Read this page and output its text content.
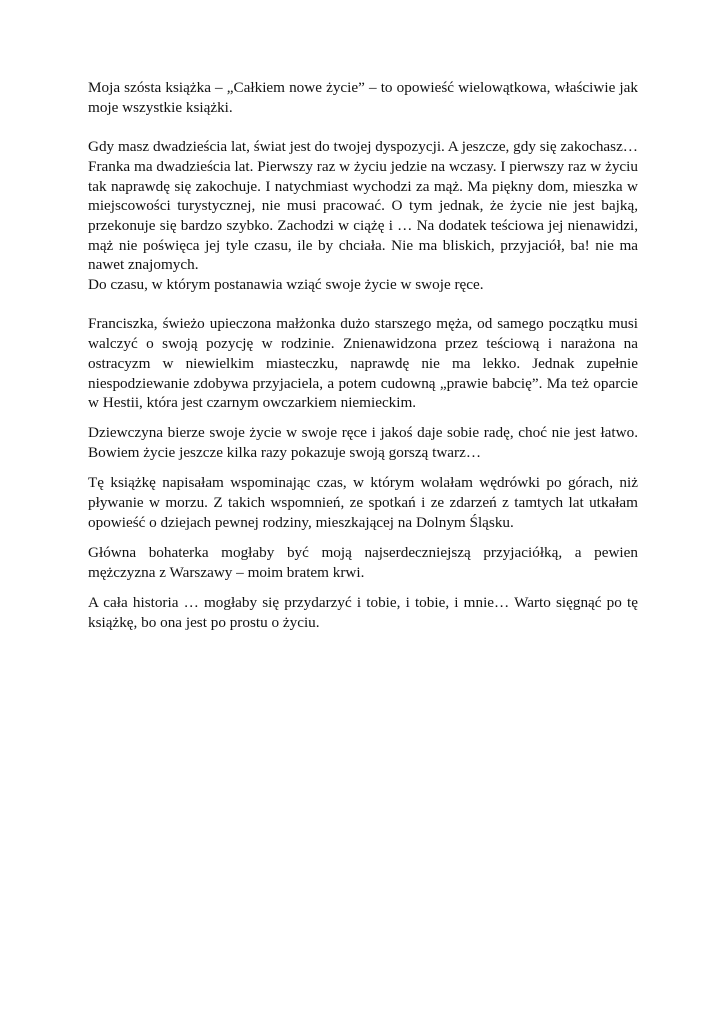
Moja szósta książka – „Całkiem nowe życie” – to opowieść wielowątkowa, właściwie jak moje wszystkie książki.

Gdy masz dwadzieścia lat, świat jest do twojej dyspozycji. A jeszcze, gdy się zakochasz… Franka ma dwadzieścia lat. Pierwszy raz w życiu jedzie na wczasy. I pierwszy raz w życiu tak naprawdę się zakochuje. I natychmiast wychodzi za mąż. Ma piękny dom, mieszka w miejscowości turystycznej, nie musi pracować. O tym jednak, że życie nie jest bajką, przekonuje się bardzo szybko. Zachodzi w ciążę i … Na dodatek teściowa jej nienawidzi, mąż nie poświęca jej tyle czasu, ile by chciała. Nie ma bliskich, przyjaciół, ba! nie ma nawet znajomych.
Do czasu, w którym postanawia wziąć swoje życie w swoje ręce.

Franciszka, świeżo upieczona małżonka dużo starszego męża, od samego początku musi walczyć o swoją pozycję w rodzinie. Znienawidzona przez teściową i narażona na ostracyzm w niewielkim miasteczku, naprawdę nie ma lekko. Jednak zupełnie niespodziewanie zdobywa przyjaciela, a potem cudowną „prawie babcię”. Ma też oparcie w Hestii, która jest czarnym owczarkiem niemieckim.

Dziewczyna bierze swoje życie w swoje ręce i jakoś daje sobie radę, choć nie jest łatwo. Bowiem życie jeszcze kilka razy pokazuje swoją gorszą twarz…

Tę książkę napisałam wspominając czas, w którym wolałam wędrówki po górach, niż pływanie w morzu. Z takich wspomnień, ze spotkań i ze zdarzeń z tamtych lat utkałam opowieść o dziejach pewnej rodziny, mieszkającej na Dolnym Śląsku.

Główna bohaterka mogłaby być moją najserdeczniejszą przyjaciółką, a pewien mężczyzna z Warszawy – moim bratem krwi.

A cała historia … mogłaby się przydarzyć i tobie, i tobie, i mnie… Warto sięgnąć po tę książkę, bo ona jest po prostu o życiu.
